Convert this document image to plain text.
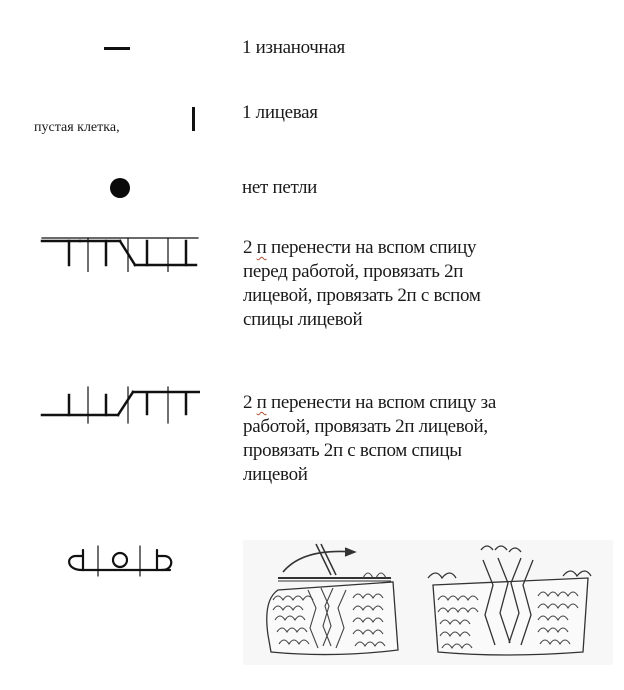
1 изнаночная
пустая клетка,
1 лицевая
нет петли
2 п перенести на вспом спицу
перед работой, провязать 2п
лицевой, провязать 2п с вспом
спицы лицевой
2 п перенести на вспом спицу за
работой, провязать 2п лицевой,
провязать 2п с вспом спицы
лицевой
